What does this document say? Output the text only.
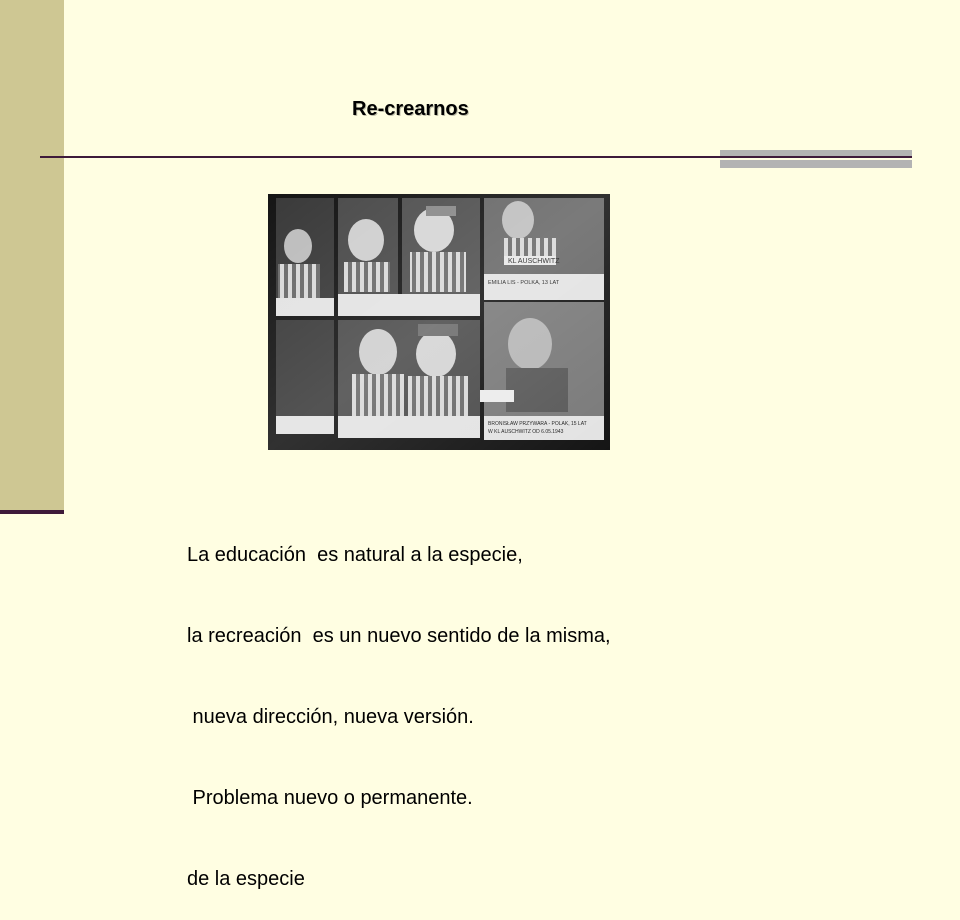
Re-crearnos

La educación  es natural a la especie,

la recreación  es un nuevo sentido de la misma,

nueva dirección, nueva versión.

Problema nuevo o permanente.

de la especie
